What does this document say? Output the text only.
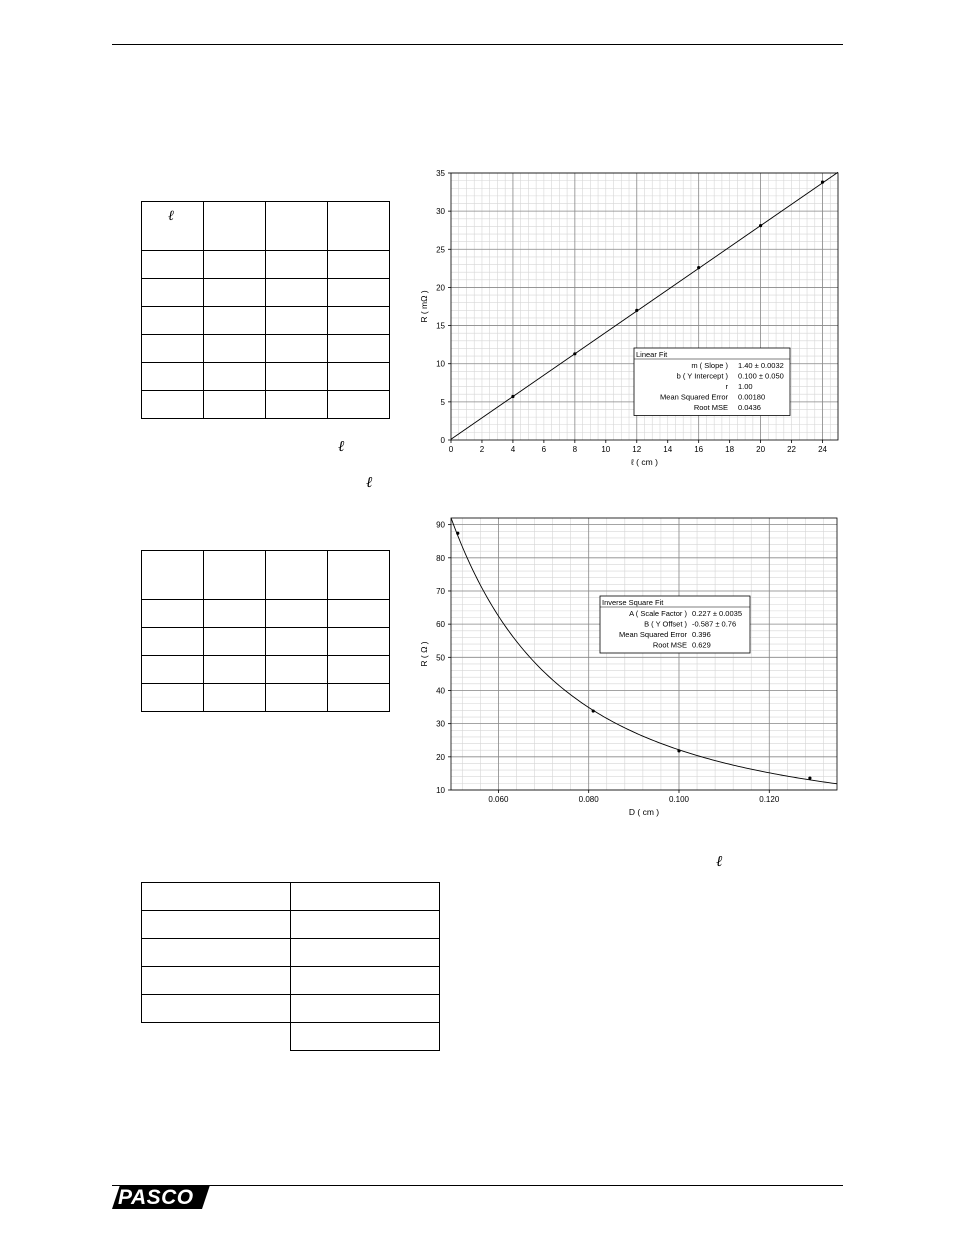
ℓ			

ℓ
ℓ

ℓ

0	2	4	6	8	10	12	14	16	18	20	22	24
0
5
10
15
20
25
30
35
ℓ ( cm )
R ( mΩ )
Linear Fit
m ( Slope ) 1.40 ± 0.0032
b ( Y Intercept ) 0.100 ± 0.050
r 1.00
Mean Squared Error 0.00180
Root MSE 0.0436
0.060	0.080	0.100	0.120
10
20
30
40
50
60
70
80
90
D ( cm )
R ( Ω )
Inverse Square Fit
A ( Scale Factor ) 0.227 ± 0.0035
B ( Y Offset ) -0.587 ± 0.76
Mean Squared Error 0.396
Root MSE 0.629
PASCO
